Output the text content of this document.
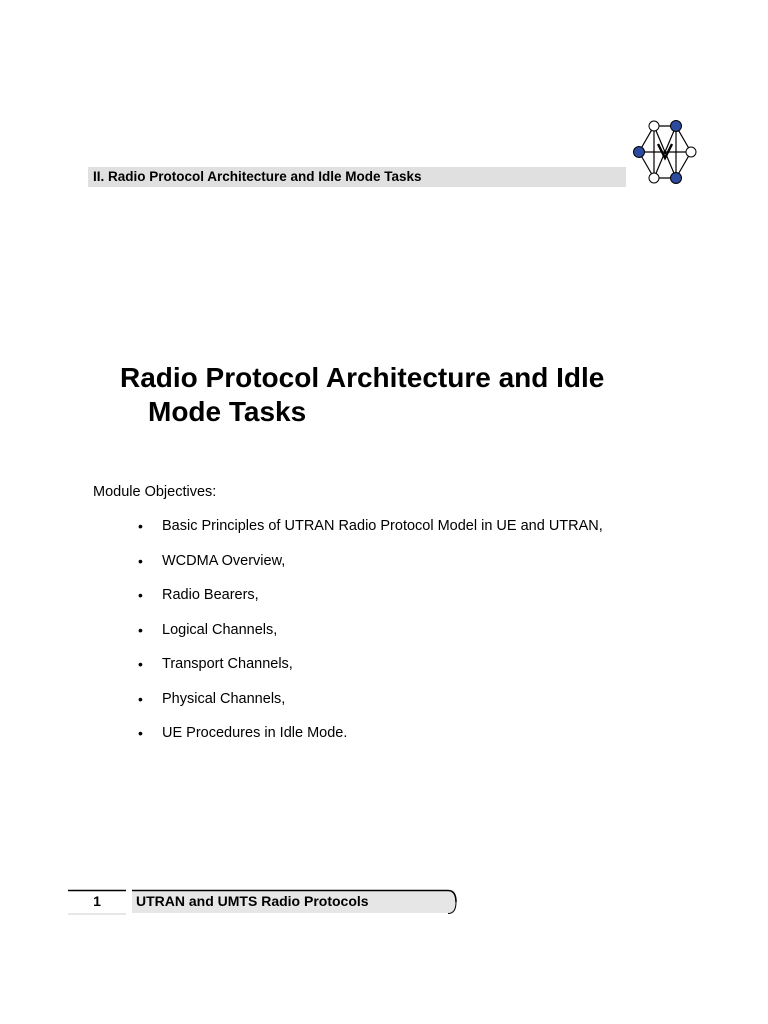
II. Radio Protocol Architecture and Idle Mode Tasks
Radio Protocol Architecture and Idle
Mode Tasks
Module Objectives:
• Basic Principles of UTRAN Radio Protocol Model in UE and UTRAN,
• WCDMA Overview,
• Radio Bearers,
• Logical Channels,
• Transport Channels,
• Physical Channels,
• UE Procedures in Idle Mode.
1	UTRAN and UMTS Radio Protocols
